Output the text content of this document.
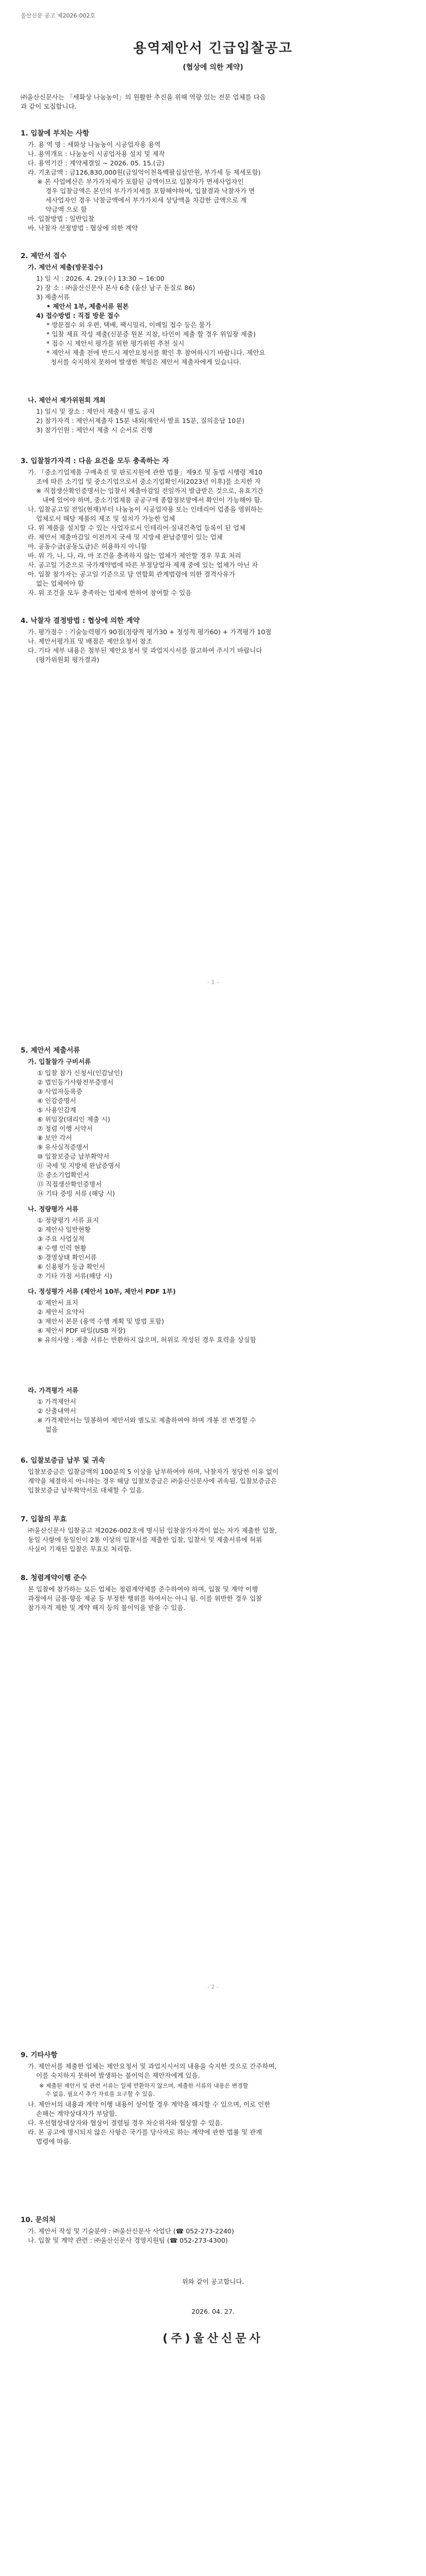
울산신문 공고 제2026-002호
용역제안서 긴급입찰공고
(협상에 의한 계약)
㈜울산신문사는 「세화상 나눔농이」의 원활한 추진을 위해 역량 있는 전문 업체를 다음
과 같이 모집합니다.
1. 입찰에 부치는 사항
가. 용 역 명 : 세화상 나눔농이 시공업자용 용역
나. 용역개요 : 나눔농이 시공업자용 설치 및 제작
다. 용역기간 : 계약체결일 ~ 2026. 05. 15.(금)
라. 기초금액 : 금126,830,000원(금일억이천육백팔십삼만원, 부가세 등 제세포함)
※ 본 사업예산은 부가가치세가 포함된 금액이므로 입찰자가 면세사업자인
경우 입찰금액은 본인의 부가가치세를 포함해야하며, 입찰결과 낙찰자가 면
세사업자인 경우 낙찰금액에서 부가가치세 상당액을 차감한 금액으로 계
약금액 으로 함
마. 입찰방법 : 일반입찰
바. 낙찰자 선정방법 : 협상에 의한 계약
2. 제안서 접수
가. 제안서 제출(방문접수)
1) 일 시 : 2026. 4. 29.(수) 13:30 ~ 16:00
2) 장 소 : ㈜울산신문사 본사 6층 (울산 남구 돋질로 86)
3) 제출서류
• 제안서 1부, 제출서류 원본
4) 접수방법 : 직접 방문 접수
* 방문접수 외 우편, 택배, 팩시밀리, 이메일 접수 등은 불가
* 입찰 제표 작성 제출(신분증 원본 지참, 타인이 제출 할 경우 위임장 제출)
* 접수 시 제안서 평가를 위한 평가위원 추천 실시
* 제안서 제출 전에 반드시 제안요청서를 확인 후 참여하시기 바랍니다. 제안요
청서를 숙지하지 못하여 발생한 책임은 제안서 제출자에게 있습니다.
나. 제안서 제가위원회 개최
1) 일시 및 장소 : 제안서 제출시 별도 공지
2) 참가자격 : 제안서제출자 15분 내외(제안서 발표 15분, 질의응답 10분)
3) 참가인원 : 제안서 제출 시 순서로 진행
3. 입찰참가자격 : 다음 요건을 모두 충족하는 자
가. 「중소기업제품 구매촉진 및 판로지원에 관한 법률」제9조 및 동법 시행령 제10
조에 따른 소기업 및 중소기업으로서 중소기업확인서(2023년 이후)를 소지한 자
※ 직접생산확인증명서는 입찰서 제출마감일 전일까지 발급받은 것으로, 유효기간
내에 있어야 하며, 중소기업제품 공공구매 종합정보망에서 확인이 가능해야 함.
나. 입찰공고일 전일(현재)부터 나눔농이 시공업자용 또는 인테리어 업종을 영위하는
업체로서 해당 제품의 제조 및 설치가 가능한 업체
다. 위 제품을 설치할 수 있는 사업자로서 인테리어·실내건축업 등록이 된 업체
라. 제안서 제출마감일 이전까지 국세 및 지방세 완납증명이 있는 업체
마. 공동수급(공동도급)은 허용하지 아니함
바. 위 가, 나, 다, 라, 마 조건을 충족하지 않는 업체가 제안할 경우 무효 처리
사. 공고일 기준으로 국가계약법에 따른 부정당업자 제재 중에 있는 업체가 아닌 자
아. 입찰 참가자는 공고일 기준으로 당 연합회 관계법령에 의한 결격사유가
없는 업체여야 함
자. 위 조건을 모두 충족하는 업체에 한하여 참여할 수 있음
4. 낙찰자 결정방법 : 협상에 의한 계약
가. 평가점수 : 기술능력평가 90점(정량적 평가30 + 정성적 평가60) + 가격평가 10점
나. 제안서평가표 및 배점은 제안요청서 참조
다. 기타 세부 내용은 첨부된 제안요청서 및 과업지시서를 참고하여 주시기 바랍니다
(평가위원회 평가결과)
- 1 -
5. 제안서 제출서류
가. 입찰참가 구비서류
① 입찰 참가 신청서(인감날인)
② 법인등기사항전부증명서
③ 사업자등록증
④ 인감증명서
⑤ 사용인감계
⑥ 위임장(대리인 제출 시)
⑦ 청렴 이행 서약서
⑧ 보안 각서
⑨ 유사실적증명서
⑩ 입찰보증금 납부확약서
⑪ 국세 및 지방세 완납증명서
⑫ 중소기업확인서
⑬ 직접생산확인증명서
⑭ 기타 증빙 서류 (해당 시)
나. 정량평가 서류
① 정량평가 서류 표지
② 제안사 일반현황
③ 주요 사업실적
④ 수행 인력 현황
⑤ 경영상태 확인서류
⑥ 신용평가 등급 확인서
⑦ 기타 가점 서류(해당 시)
다. 정성평가 서류 (제안서 10부, 제안서 PDF 1부)
① 제안서 표지
② 제안서 요약서
③ 제안서 본문 (용역 수행 계획 및 방법 포함)
④ 제안서 PDF 파일(USB 저장)
※ 유의사항 : 제출 서류는 반환하지 않으며, 허위로 작성된 경우 효력을 상실함
라. 가격평가 서류
① 가격제안서
② 산출내역서
※ 가격제안서는 밀봉하여 제안서와 별도로 제출하여야 하며 개봉 전 변경할 수
없음
6. 입찰보증금 납부 및 귀속
입찰보증금은 입찰금액의 100분의 5 이상을 납부하여야 하며, 낙찰자가 정당한 이유 없이
계약을 체결하지 아니하는 경우 해당 입찰보증금은 ㈜울산신문사에 귀속됨. 입찰보증금은
입찰보증금 납부확약서로 대체할 수 있음.
7. 입찰의 무효
㈜울산신문사 입찰공고 제2026-002호에 명시된 입찰참가자격이 없는 자가 제출한 입찰,
동일 사항에 동일인이 2통 이상의 입찰서를 제출한 입찰, 입찰서 및 제출서류에 허위
사실이 기재된 입찰은 무효로 처리함.
8. 청렴계약이행 준수
본 입찰에 참가하는 모든 업체는 청렴계약제를 준수하여야 하며, 입찰 및 계약 이행
과정에서 금품·향응 제공 등 부정한 행위를 하여서는 아니 됨. 이를 위반한 경우 입찰
참가자격 제한 및 계약 해지 등의 불이익을 받을 수 있음.
- 2 -
9. 기타사항
가. 제안서를 제출한 업체는 제안요청서 및 과업지시서의 내용을 숙지한 것으로 간주하며,
이를 숙지하지 못하여 발생하는 불이익은 제안자에게 있음.
※ 제출된 제안서 및 관련 서류는 일체 반환하지 않으며, 제출한 서류의 내용은 변경할
수 없음. 필요시 추가 자료를 요구할 수 있음.
나. 제안서의 내용과 계약 이행 내용이 상이할 경우 계약을 해지할 수 있으며, 이로 인한
손해는 계약상대자가 부담함.
다. 우선협상대상자와 협상이 결렬될 경우 차순위자와 협상할 수 있음.
라. 본 공고에 명시되지 않은 사항은 국가를 당사자로 하는 계약에 관한 법률 및 관계
법령에 따름.
10. 문의처
가. 제안서 작성 및 기술분야 : ㈜울산신문사 사업단 (☎ 052-273-2240)
나. 입찰 및 계약 관련 : ㈜울산신문사 경영지원팀 (☎ 052-273-4300)
위와 같이 공고합니다.
2026. 04. 27.
(주)울산신문사
